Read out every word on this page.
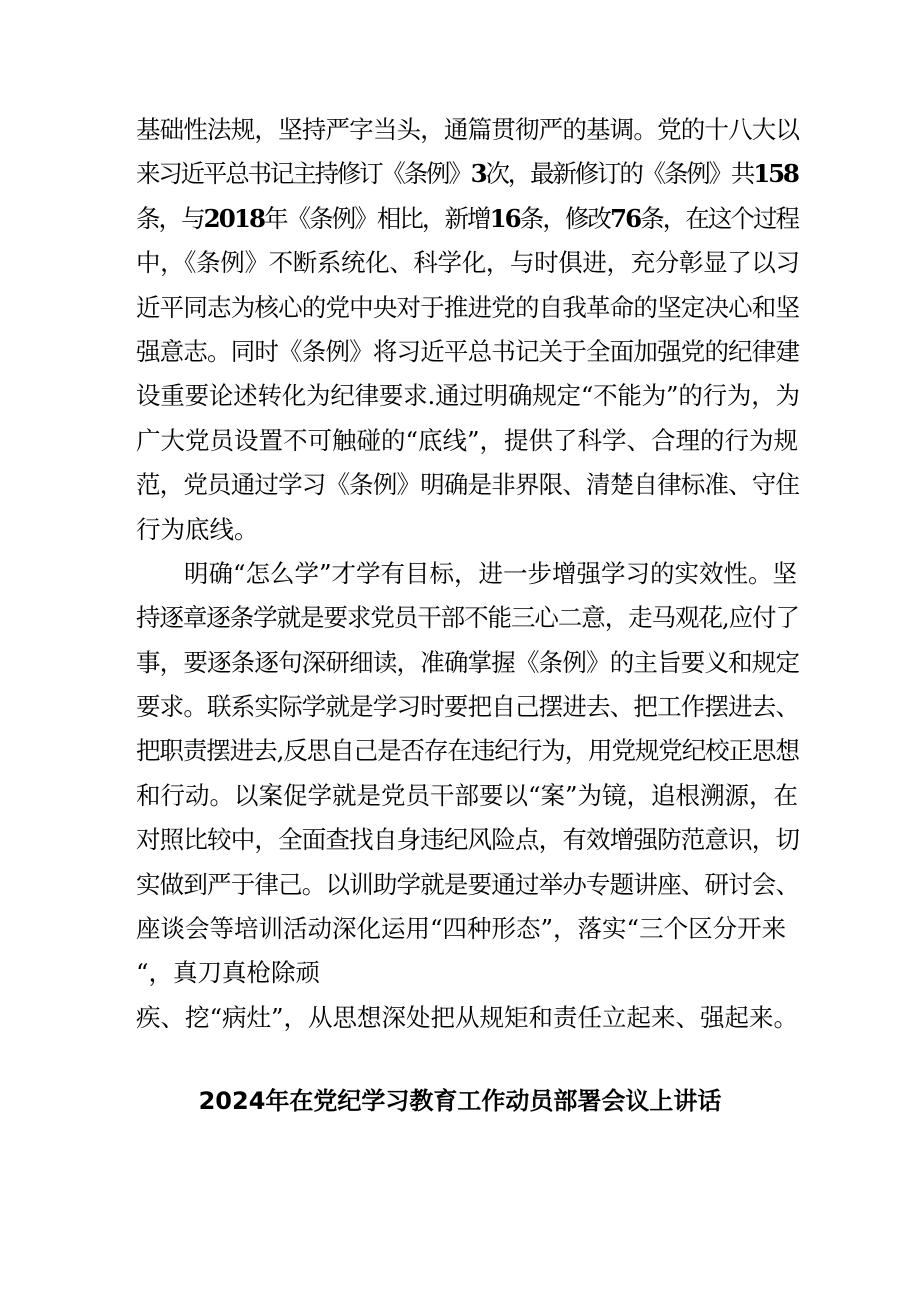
基础性法规，坚持严字当头，通篇贯彻严的基调。党的十八大以
来习近平总书记主持修订《条例》3次，最新修订的《条例》共158
条，与2018年《条例》相比，新增16条，修改76条，在这个过程
中，《条例》不断系统化、科学化，与时俱进，充分彰显了以习
近平同志为核心的党中央对于推进党的自我革命的坚定决心和坚
强意志。同时《条例》将习近平总书记关于全面加强党的纪律建
设重要论述转化为纪律要求.通过明确规定“不能为”的行为，为
广大党员设置不可触碰的“底线”，提供了科学、合理的行为规
范，党员通过学习《条例》明确是非界限、清楚自律标准、守住
行为底线。
明确“怎么学”才学有目标，进一步增强学习的实效性。坚
持逐章逐条学就是要求党员干部不能三心二意，走马观花,应付了
事，要逐条逐句深研细读，准确掌握《条例》的主旨要义和规定
要求。联系实际学就是学习时要把自己摆进去、把工作摆进去、
把职责摆进去,反思自己是否存在违纪行为，用党规党纪校正思想
和行动。以案促学就是党员干部要以“案”为镜，追根溯源，在
对照比较中，全面查找自身违纪风险点，有效增强防范意识，切
实做到严于律己。以训助学就是要通过举办专题讲座、研讨会、
座谈会等培训活动深化运用“四种形态”，落实“三个区分开来
“，真刀真枪除顽
疾、挖“病灶”，从思想深处把从规矩和责任立起来、强起来。
2024年在党纪学习教育工作动员部署会议上讲话
